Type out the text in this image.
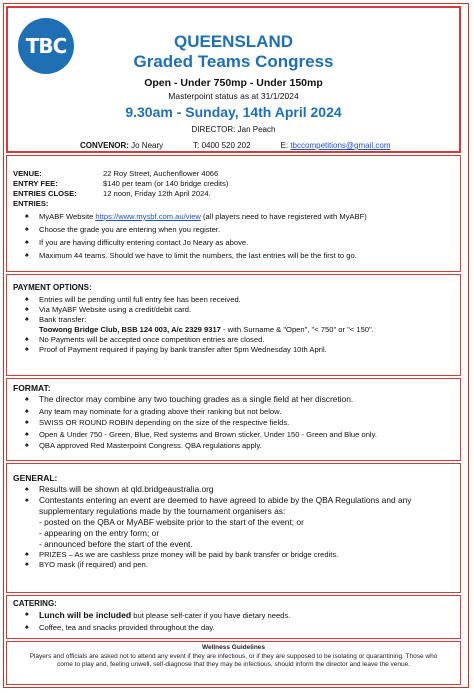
TBC	QUEENSLAND
Graded Teams Congress
Open - Under 750mp - Under 150mp
Masterpoint status as at 31/1/2024
9.30am - Sunday, 14th April 2024
DIRECTOR: Jan Peach
CONVENOR: Jo Neary	T: 0400 520 202	E: tbccompetitions@gmail.com
VENUE:	22 Roy Street, Auchenflower 4066
ENTRY FEE:	$140 per team (or 140 bridge credits)
ENTRIES CLOSE:	12 noon, Friday 12th April 2024.
ENTRIES:
♠ MyABF Website https://www.mysbf.com.au/view (all players need to have registered with MyABF)
♠ Choose the grade you are entering when you register.
♠ If you are having difficulty entering contact Jo Neary as above.
♠ Maximum 44 teams. Should we have to limit the numbers, the last entries will be the first to go.
PAYMENT OPTIONS:
♠ Entries will be pending until full entry fee has been received.
♠ Via MyABF Website using a credit/debit card.
♠ Bank transfer:
Toowong Bridge Club, BSB 124 003, A/c 2329 9317 - with Surname & "Open", "< 750" or "< 150".
♠ No Payments will be accepted once competition entries are closed.
♠ Proof of Payment required if paying by bank transfer after 5pm Wednesday 10th April.
FORMAT:
♠ The director may combine any two touching grades as a single field at her discretion.
♠ Any team may nominate for a grading above their ranking but not below.
♠ SWISS OR ROUND ROBIN depending on the size of the respective fields.
♠ Open & Under 750 - Green, Blue, Red systems and Brown sticker. Under 150 - Green and Blue only.
♠ QBA approved Red Masterpoint Congress. QBA regulations apply.
GENERAL:
♠ Results will be shown at qld.bridgeaustralia.org
♠ Contestants entering an event are deemed to have agreed to abide by the QBA Regulations and any supplementary regulations made by the tournament organisers as:
- posted on the QBA or MyABF website prior to the start of the event; or
- appearing on the entry form; or
- announced before the start of the event.
♠ PRIZES – As we are cashless prize money will be paid by bank transfer or bridge credits.
♠ BYO mask (if required) and pen.
CATERING:
♠ Lunch will be included but please self-cater if you have dietary needs.
♠ Coffee, tea and snacks provided throughout the day.
Wellness Guidelines
Players and officials are asked not to attend any event if they are infectious, or if they are supposed to be isolating or quarantining. Those who come to play and, feeling unwell, self-diagnose that they may be infectious, should inform the director and leave the venue.
